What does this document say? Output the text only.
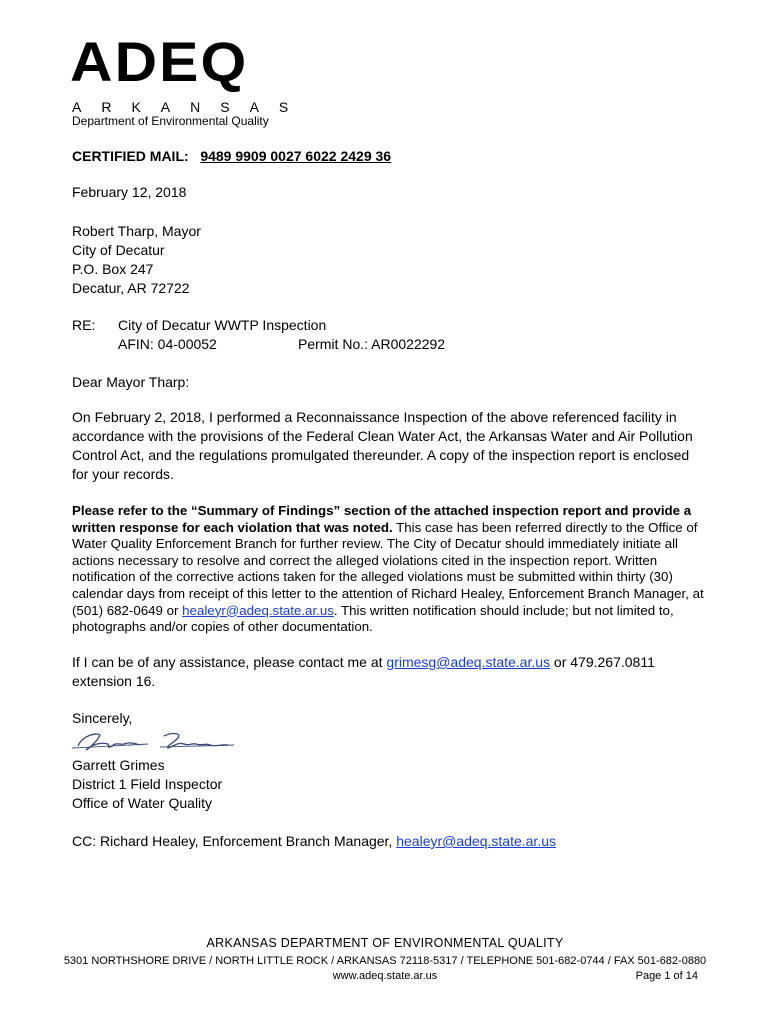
ADEQ
ARKANSAS
Department of Environmental Quality
CERTIFIED MAIL: 9489 9909 0027 6022 2429 36
February 12, 2018
Robert Tharp, Mayor
City of Decatur
P.O. Box 247
Decatur, AR 72722
RE: City of Decatur WWTP Inspection
AFIN: 04-00052	Permit No.: AR0022292
Dear Mayor Tharp:
On February 2, 2018, I performed a Reconnaissance Inspection of the above referenced facility in accordance with the provisions of the Federal Clean Water Act, the Arkansas Water and Air Pollution Control Act, and the regulations promulgated thereunder. A copy of the inspection report is enclosed for your records.
Please refer to the “Summary of Findings” section of the attached inspection report and provide a written response for each violation that was noted. This case has been referred directly to the Office of Water Quality Enforcement Branch for further review. The City of Decatur should immediately initiate all actions necessary to resolve and correct the alleged violations cited in the inspection report. Written notification of the corrective actions taken for the alleged violations must be submitted within thirty (30) calendar days from receipt of this letter to the attention of Richard Healey, Enforcement Branch Manager, at (501) 682-0649 or healeyr@adeq.state.ar.us. This written notification should include; but not limited to, photographs and/or copies of other documentation.
If I can be of any assistance, please contact me at grimesg@adeq.state.ar.us or 479.267.0811 extension 16.
Sincerely,
Garrett Grimes
District 1 Field Inspector
Office of Water Quality
CC: Richard Healey, Enforcement Branch Manager, healeyr@adeq.state.ar.us
ARKANSAS DEPARTMENT OF ENVIRONMENTAL QUALITY
5301 NORTHSHORE DRIVE / NORTH LITTLE ROCK / ARKANSAS 72118-5317 / TELEPHONE 501-682-0744 / FAX 501-682-0880
www.adeq.state.ar.us	Page 1 of 14
